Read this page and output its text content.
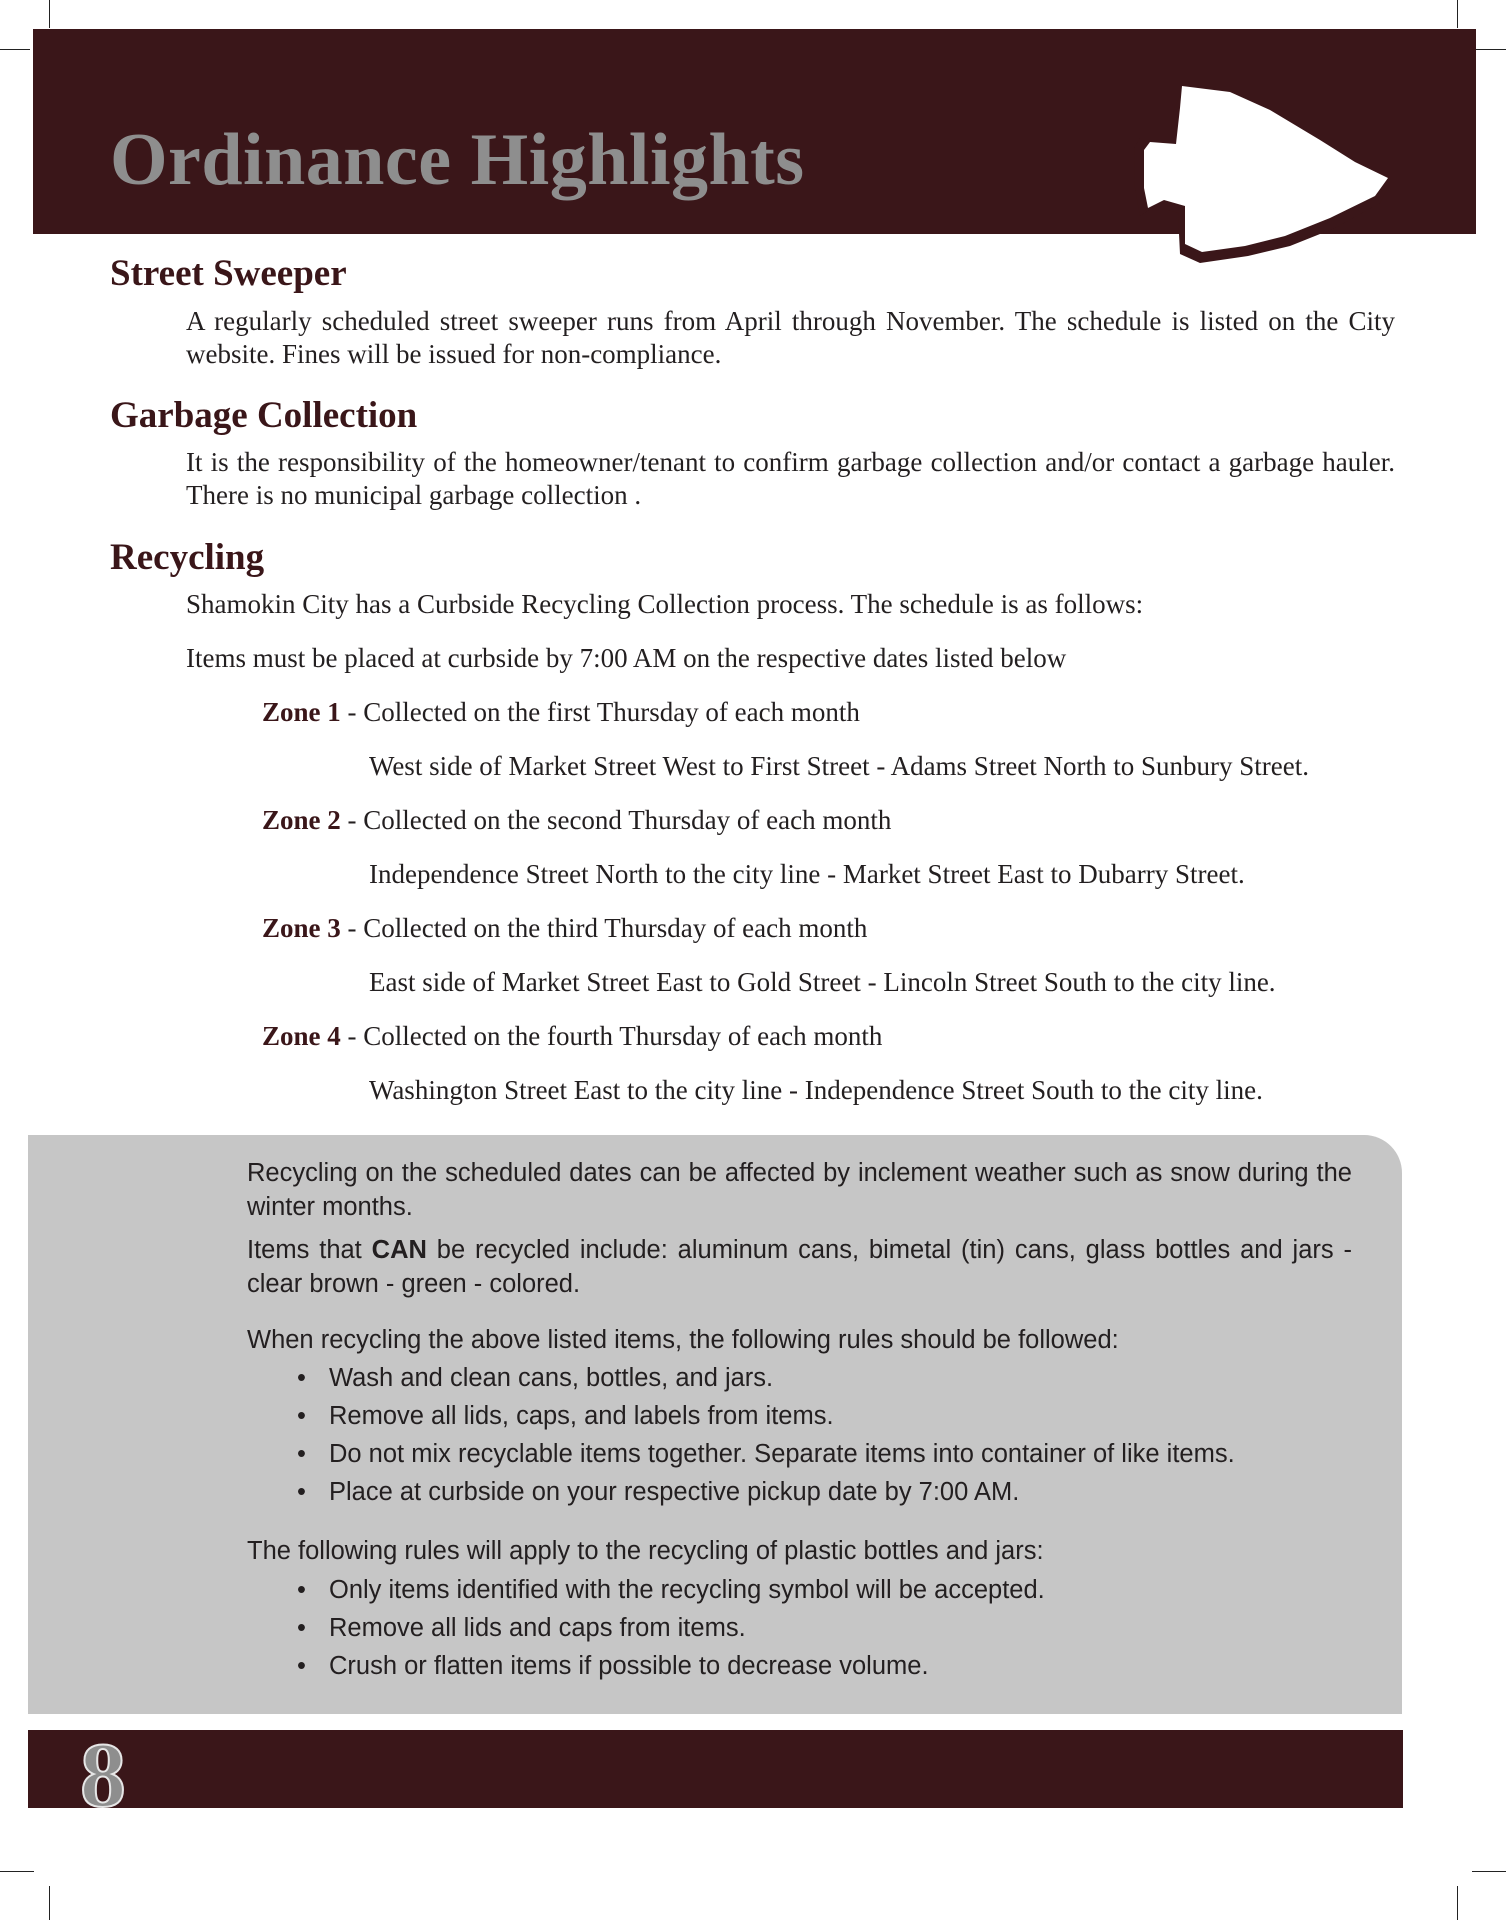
Ordinance Highlights
Street Sweeper
A regularly scheduled street sweeper runs from April through November. The schedule is listed on the City website. Fines will be issued for non-compliance.
Garbage Collection
It is the responsibility of the homeowner/tenant to confirm garbage collection and/or contact a garbage hauler. There is no municipal garbage collection .
Recycling
Shamokin City has a Curbside Recycling Collection process. The schedule is as follows:
Items must be placed at curbside by 7:00 AM on the respective dates listed below
Zone 1 - Collected on the first Thursday of each month
West side of Market Street West to First Street - Adams Street North to Sunbury Street.
Zone 2 - Collected on the second Thursday of each month
Independence Street North to the city line - Market Street East to Dubarry Street.
Zone 3 - Collected on the third Thursday of each month
East side of Market Street East to Gold Street - Lincoln Street South to the city line.
Zone 4 - Collected on the fourth Thursday of each month
Washington Street East to the city line - Independence Street South to the city line.
Recycling on the scheduled dates can be affected by inclement weather such as snow during the winter months.
Items that CAN be recycled include: aluminum cans, bimetal (tin) cans, glass bottles and jars - clear brown - green - colored.
When recycling the above listed items, the following rules should be followed:
• Wash and clean cans, bottles, and jars.
• Remove all lids, caps, and labels from items.
• Do not mix recyclable items together. Separate items into container of like items.
• Place at curbside on your respective pickup date by 7:00 AM.
The following rules will apply to the recycling of plastic bottles and jars:
• Only items identified with the recycling symbol will be accepted.
• Remove all lids and caps from items.
• Crush or flatten items if possible to decrease volume.
8
